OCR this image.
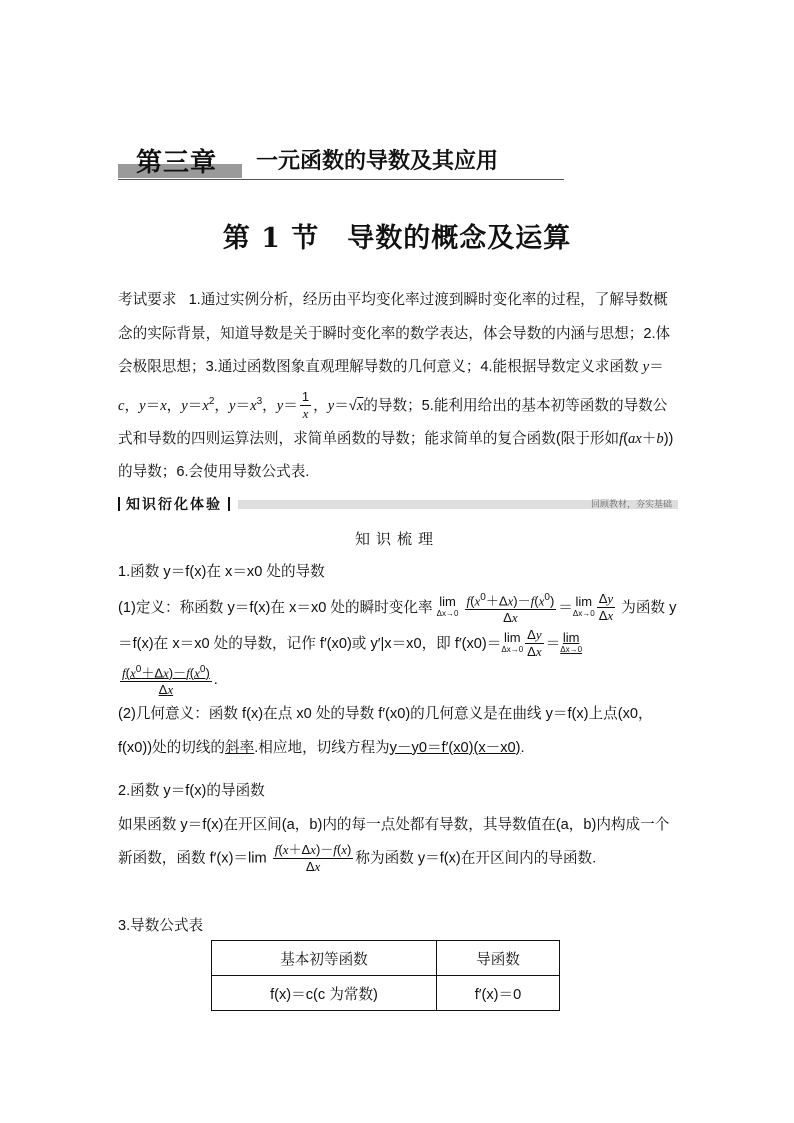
第三章 一元函数的导数及其应用
第 1 节　导数的概念及运算

考试要求 1.通过实例分析，经历由平均变化率过渡到瞬时变化率的过程，了解导数概念的实际背景，知道导数是关于瞬时变化率的数学表达，体会导数的内涵与思想；2.体会极限思想；3.通过函数图象直观理解导数的几何意义；4.能根据导数定义求函数 y＝c，y＝x，$y=x^2$，$y=x^3$，$y= \frac{1}{x}$ ，y＝√x的导数；5.能利用给出的基本初等函数的导数公式和导数的四则运算法则，求简单函数的导数；能求简单的复合函数(限于形如f(ax＋b))的导数；6.会使用导数公式表.

知识衍化体验	回顾教材，夯实基础
知识梳理

1.函数 y＝f(x)在 x＝x0 处的导数

(1)定义：称函数 y＝f(x)在 x＝x0 处的瞬时变化率 lim
Δx→0
$\frac{f(x^0+\Delta x)-f(x^0)}{\Delta x} = \lim$
$\Delta x\to 0 \frac{\Delta y}{\Delta x}$ 为函数 y＝f(x)在 x＝x0 处的导数，记作 f′(x0)或 y′|x＝x0，即 f′(x0)＝ lim
$\Delta x\to 0 \frac{\Delta y}{\Delta x} = \lim$
Δx→0

$\frac{f(x^0+\Delta x)-f(x^0)}{\Delta x}$ .

(2)几何意义：函数 f(x)在点 x0 处的导数 f′(x0)的几何意义是在曲线 y＝f(x)上点(x0，f(x0))处的切线的斜率.相应地，切线方程为y－y0＝f′(x0)(x－x0).

2.函数 y＝f(x)的导函数

如果函数 y＝f(x)在开区间(a，b)内的每一点处都有导数，其导数值在(a，b)内构成一个新函数，函数 $f'(x)=\lim \frac{f(x+\Delta x)-f(x)}{\Delta x}$ 称为函数 y＝f(x)在开区间内的导函数.

3.导数公式表
基本初等函数	导函数
f(x)＝c(c 为常数)	f′(x)＝0
